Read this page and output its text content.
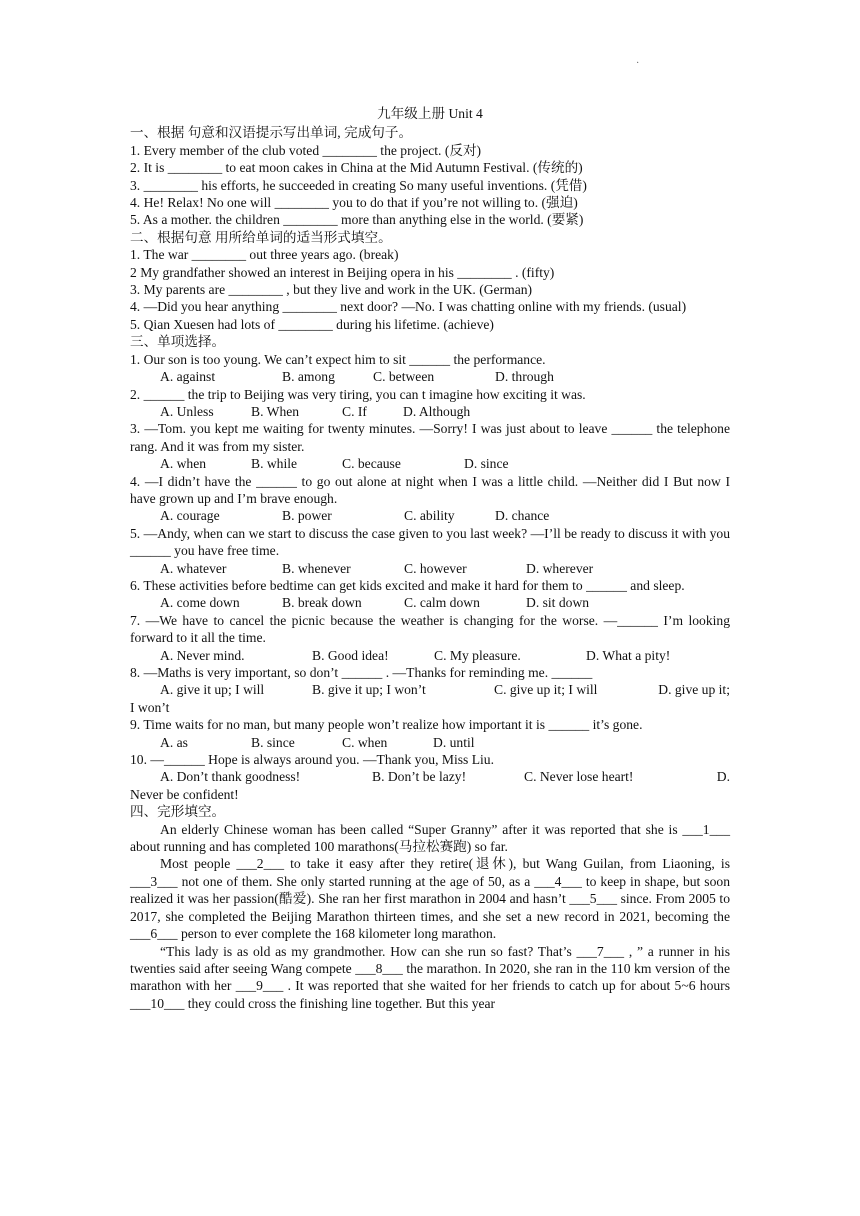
·
九年级上册 Unit 4
一、根据 句意和汉语提示写出单词, 完成句子。
1. Every member of the club voted ________ the project. (反对)
2. It is ________ to eat moon cakes in China at the Mid Autumn Festival. (传统的)
3. ________ his efforts, he succeeded in creating So many useful inventions. (凭借)
4. He! Relax! No one will ________ you to do that if you’re not willing to. (强迫)
5. As a mother. the children ________ more than anything else in the world. (要紧)
二、根据句意 用所给单词的适当形式填空。
1. The war ________ out three years ago. (break)
2 My grandfather showed an interest in Beijing opera in his ________ . (fifty)
3. My parents are ________ , but they live and work in the UK. (German)
4. —Did you hear anything ________ next door? —No. I was chatting online with my friends. (usual)
5. Qian Xuesen had lots of ________ during his lifetime. (achieve)
三、单项选择。
1. Our son is too young. We can’t expect him to sit ______ the performance.
A. against	B. among	C. between	D. through
2. ______ the trip to Beijing was very tiring, you can t imagine how exciting it was.
A. Unless	B. When	C. If	D. Although
3. —Tom. you kept me waiting for twenty minutes. —Sorry! I was just about to leave ______ the telephone rang. And it was from my sister.
A. when	B. while	C. because	D. since
4. —I didn’t have the ______ to go out alone at night when I was a little child. —Neither did I But now I have grown up and I’m brave enough.
A. courage	B. power	C. ability	D. chance
5. —Andy, when can we start to discuss the case given to you last week? —I’ll be ready to discuss it with you ______ you have free time.
A. whatever	B. whenever	C. however	D. wherever
6. These activities before bedtime can get kids excited and make it hard for them to ______ and sleep.
A. come down	B. break down	C. calm down	D. sit down
7. —We have to cancel the picnic because the weather is changing for the worse. —______ I’m looking forward to it all the time.
A. Never mind.	B. Good idea!	C. My pleasure.	D. What a pity!
8. —Maths is very important, so don’t ______ . —Thanks for reminding me. ______
A. give it up; I will	B. give it up; I won’t	C. give up it; I will	D. give up it;
I won’t
9. Time waits for no man, but many people won’t realize how important it is ______ it’s gone.
A. as	B. since	C. when	D. until
10. —______ Hope is always around you. —Thank you, Miss Liu.
A. Don’t thank goodness!	B. Don’t be lazy!	C. Never lose heart!	D.
Never be confident!
四、完形填空。
An elderly Chinese woman has been called “Super Granny” after it was reported that she is ___1___ about running and has completed 100 marathons(马拉松赛跑) so far.
Most people ___2___ to take it easy after they retire(退休), but Wang Guilan, from Liaoning, is ___3___ not one of them. She only started running at the age of 50, as a ___4___ to keep in shape, but soon realized it was her passion(酷爱). She ran her first marathon in 2004 and hasn’t ___5___ since. From 2005 to 2017, she completed the Beijing Marathon thirteen times, and she set a new record in 2021, becoming the ___6___ person to ever complete the 168 kilometer long marathon.
“This lady is as old as my grandmother. How can she run so fast? That’s ___7___ , ” a runner in his twenties said after seeing Wang compete ___8___ the marathon. In 2020, she ran in the 110 km version of the marathon with her ___9___ . It was reported that she waited for her friends to catch up for about 5~6 hours ___10___ they could cross the finishing line together. But this year
